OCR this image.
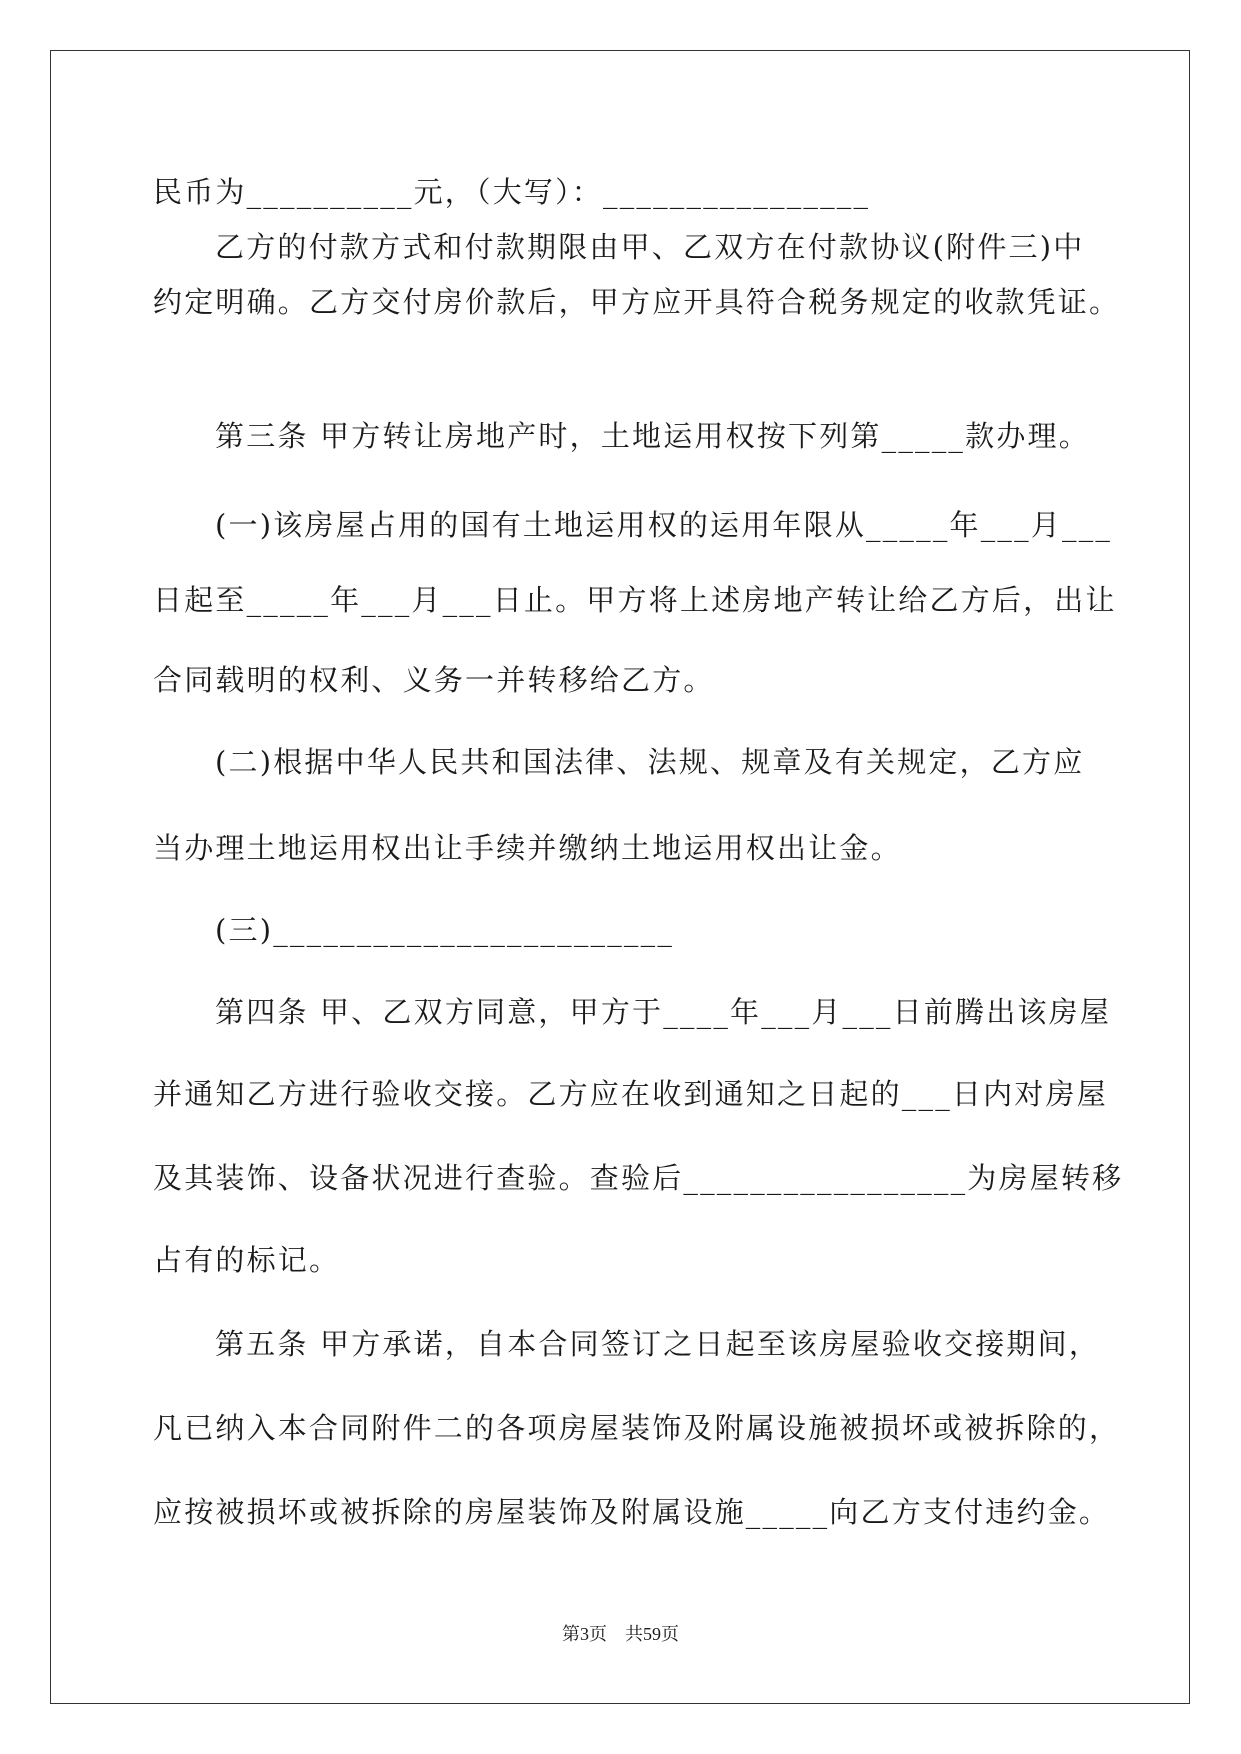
民币为__________元，（大写）：________________
乙方的付款方式和付款期限由甲、乙双方在付款协议(附件三)中
约定明确。乙方交付房价款后，甲方应开具符合税务规定的收款凭证。
第三条 甲方转让房地产时，土地运用权按下列第_____款办理。
(一)该房屋占用的国有土地运用权的运用年限从_____年___月___
日起至_____年___月___日止。甲方将上述房地产转让给乙方后，出让
合同载明的权利、义务一并转移给乙方。
(二)根据中华人民共和国法律、法规、规章及有关规定，乙方应
当办理土地运用权出让手续并缴纳土地运用权出让金。
(三)________________________
第四条 甲、乙双方同意，甲方于____年___月___日前腾出该房屋
并通知乙方进行验收交接。乙方应在收到通知之日起的___日内对房屋
及其装饰、设备状况进行查验。查验后_________________为房屋转移
占有的标记。
第五条 甲方承诺，自本合同签订之日起至该房屋验收交接期间，
凡已纳入本合同附件二的各项房屋装饰及附属设施被损坏或被拆除的，
应按被损坏或被拆除的房屋装饰及附属设施_____向乙方支付违约金。
第3页　共59页
